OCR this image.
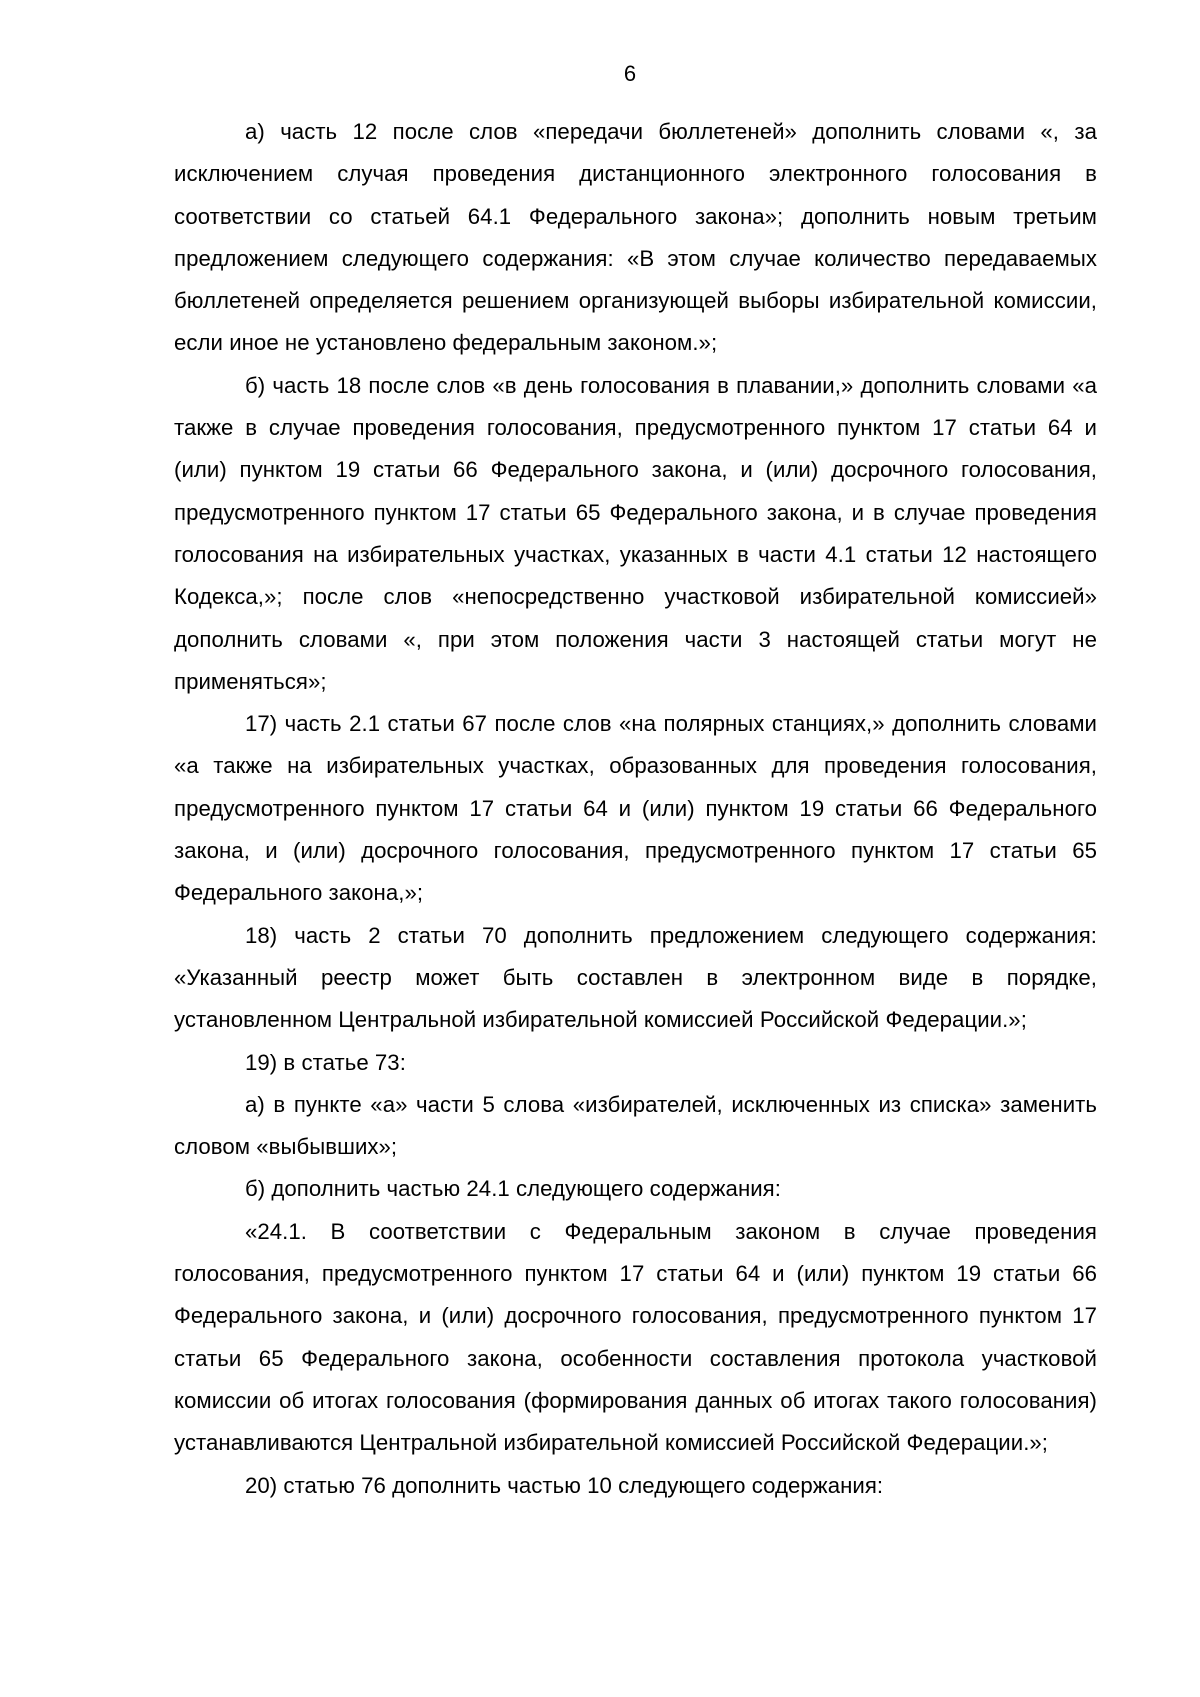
6

а) часть 12 после слов «передачи бюллетеней» дополнить словами «, за исключением случая проведения дистанционного электронного голосования в соответствии со статьей 64.1 Федерального закона»; дополнить новым третьим предложением следующего содержания: «В этом случае количество передаваемых бюллетеней определяется решением организующей выборы избирательной комиссии, если иное не установлено федеральным законом.»;

б) часть 18 после слов «в день голосования в плавании,» дополнить словами «а также в случае проведения голосования, предусмотренного пунктом 17 статьи 64 и (или) пунктом 19 статьи 66 Федерального закона, и (или) досрочного голосования, предусмотренного пунктом 17 статьи 65 Федерального закона, и в случае проведения голосования на избирательных участках, указанных в части 4.1 статьи 12 настоящего Кодекса,»; после слов «непосредственно участковой избирательной комиссией» дополнить словами «, при этом положения части 3 настоящей статьи могут не применяться»;

17) часть 2.1 статьи 67 после слов «на полярных станциях,» дополнить словами «а также на избирательных участках, образованных для проведения голосования, предусмотренного пунктом 17 статьи 64 и (или) пунктом 19 статьи 66 Федерального закона, и (или) досрочного голосования, предусмотренного пунктом 17 статьи 65 Федерального закона,»;

18) часть 2 статьи 70 дополнить предложением следующего содержания: «Указанный реестр может быть составлен в электронном виде в порядке, установленном Центральной избирательной комиссией Российской Федерации.»;

19) в статье 73:

а) в пункте «а» части 5 слова «избирателей, исключенных из списка» заменить словом «выбывших»;

б) дополнить частью 24.1 следующего содержания:

«24.1. В соответствии с Федеральным законом в случае проведения голосования, предусмотренного пунктом 17 статьи 64 и (или) пунктом 19 статьи 66 Федерального закона, и (или) досрочного голосования, предусмотренного пунктом 17 статьи 65 Федерального закона, особенности составления протокола участковой комиссии об итогах голосования (формирования данных об итогах такого голосования) устанавливаются Центральной избирательной комиссией Российской Федерации.»;

20) статью 76 дополнить частью 10 следующего содержания:
